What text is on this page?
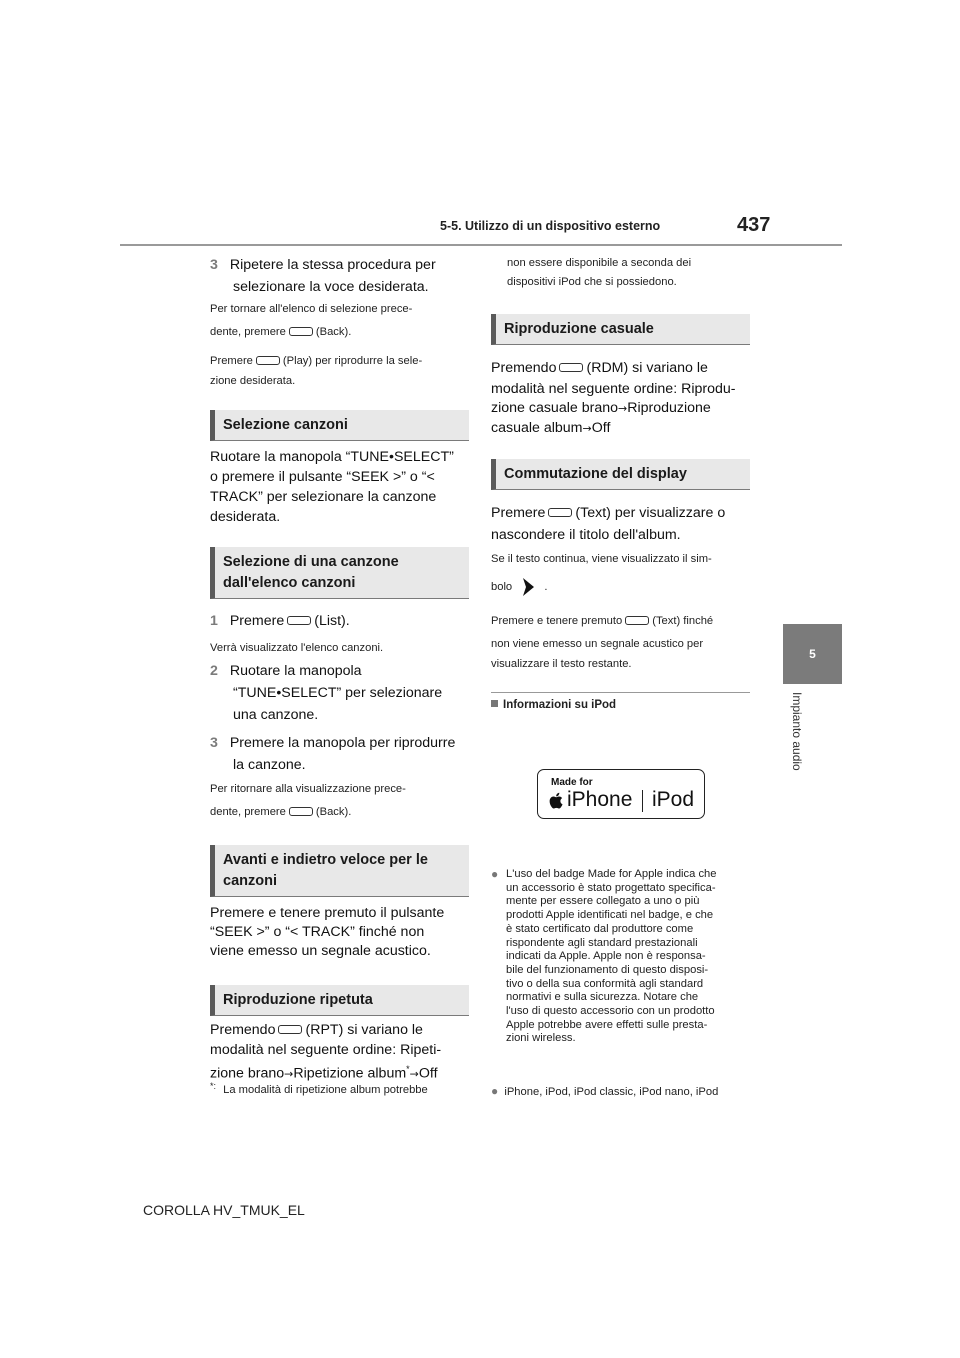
5-5. Utilizzo di un dispositivo esterno	437
5
Impianto audio
3 Ripetere la stessa procedura per
selezionare la voce desiderata.
Per tornare all'elenco di selezione prece-
dente, premere	(Back).
Premere	(Play) per riprodurre la sele-
zione desiderata.
Selezione canzoni
Ruotare la manopola “TUNE•SELECT”
o premere il pulsante “SEEK >” o “<
TRACK” per selezionare la canzone
desiderata.
Selezione di una canzone
dall'elenco canzoni
1 Premere (List).
Verrà visualizzato l'elenco canzoni.
2 Ruotare la manopola
“TUNE•SELECT” per selezionare
una canzone.
3 Premere la manopola per riprodurre
la canzone.
Per ritornare alla visualizzazione prece-
dente, premere	(Back).
Avanti e indietro veloce per le
canzoni
Premere e tenere premuto il pulsante
“SEEK >” o “< TRACK” finché non
viene emesso un segnale acustico.
Riproduzione ripetuta
Premendo (RPT) si variano le
modalità nel seguente ordine: Ripeti-
zione brano→Ripetizione album*→Off
*: La modalità di ripetizione album potrebbe
non essere disponibile a seconda dei
dispositivi iPod che si possiedono.
Riproduzione casuale
Premendo (RDM) si variano le
modalità nel seguente ordine: Riprodu-
zione casuale brano→Riproduzione
casuale album→Off
Commutazione del display
Premere (Text) per visualizzare o
nascondere il titolo dell'album.
Se il testo continua, viene visualizzato il sim-
bolo	.
Premere e tenere premuto	(Text) finché
non viene emesso un segnale acustico per
visualizzare il testo restante.
Informazioni su iPod
Made for
iPhone iPod
● L'uso del badge Made for Apple indica che
un accessorio è stato progettato specifica-
mente per essere collegato a uno o più
prodotti Apple identificati nel badge, e che
è stato certificato dal produttore come
rispondente agli standard prestazionali
indicati da Apple. Apple non è responsa-
bile del funzionamento di questo disposi-
tivo o della sua conformità agli standard
normativi e sulla sicurezza. Notare che
l'uso di questo accessorio con un prodotto
Apple potrebbe avere effetti sulle presta-
zioni wireless.
● iPhone, iPod, iPod classic, iPod nano, iPod
COROLLA HV_TMUK_EL
